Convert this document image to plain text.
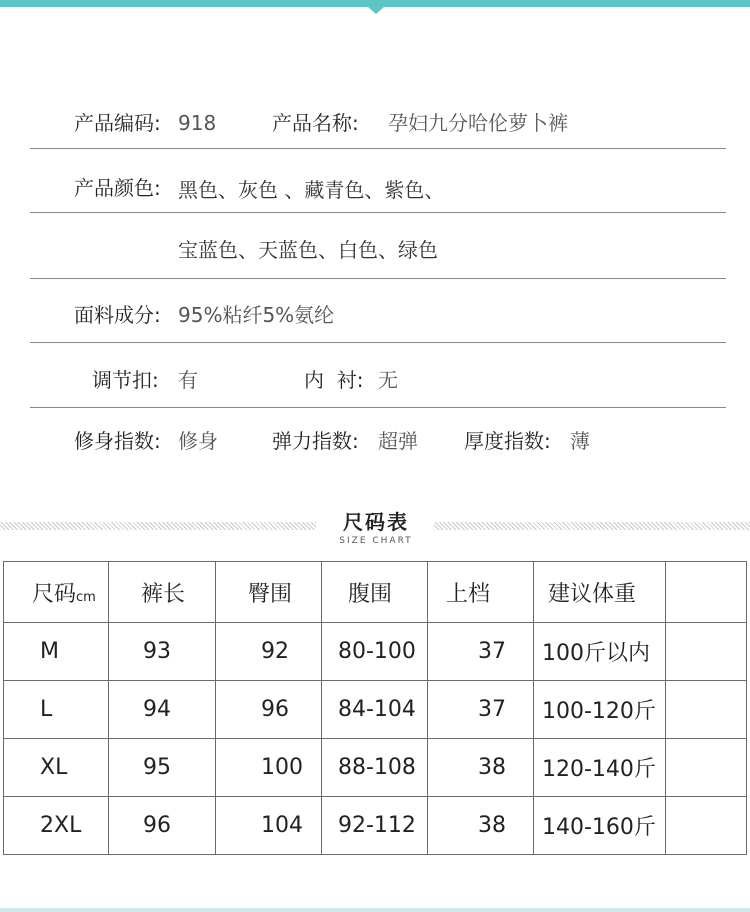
产品编码: 918	产品名称: 孕妇九分哈伦萝卜裤
产品颜色: 黑色、灰色 、藏青色、紫色、
宝蓝色、天蓝色、白色、绿色
面料成分: 95%粘纤5%氨纶
调节扣: 有	内  衬: 无
修身指数: 修身	弹力指数: 超弹 厚度指数: 薄
尺码表
SIZE CHART
尺码cm	裤长	臀围	腹围	上档	建议体重	
M	93	92	80-100	37	100斤以内	
L	94	96	84-104	37	100-120斤	
XL	95	100	88-108	38	120-140斤	
2XL	96	104	92-112	38	140-160斤	
